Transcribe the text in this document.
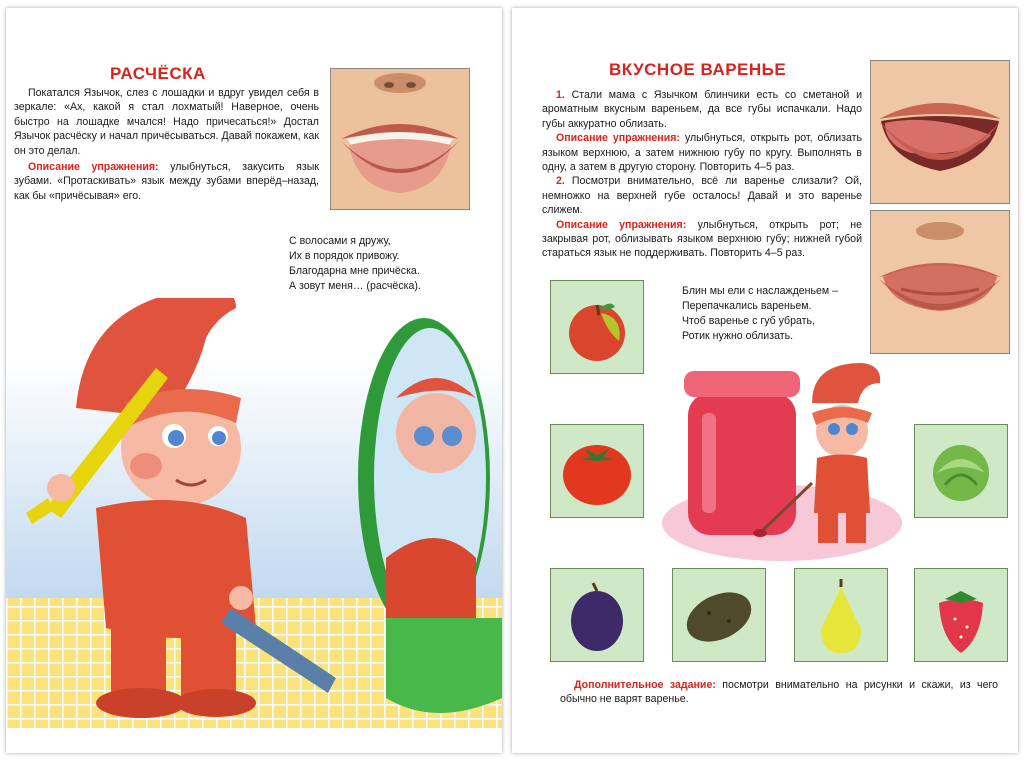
РАСЧЁСКА

Покатался Язычок, слез с лошадки и вдруг увидел себя в зеркале: «Ах, какой я стал лохматый! Наверное, очень быстро на лошадке мчался! Надо причесаться!» Достал Язычок расчёску и начал причёсываться. Давай покажем, как он это делал.

Описание упражнения: улыбнуться, закусить язык зубами. «Протаскивать» язык между зубами вперёд–назад, как бы «причёсывая» его.

С волосами я дружу,
Их в порядок привожу.
Благодарна мне причёска.
А зовут меня… (расчёска).
ВКУСНОЕ ВАРЕНЬЕ

1. Стали мама с Язычком блинчики есть со сметаной и ароматным вкусным вареньем, да все губы испачкали. Надо губы аккуратно облизать.

Описание упражнения: улыбнуться, открыть рот, облизать языком верхнюю, а затем нижнюю губу по кругу. Выполнять в одну, а затем в другую сторону. Повторить 4–5 раз.

2. Посмотри внимательно, всё ли варенье слизали? Ой, немножко на верхней губе осталось! Давай и это варенье слижем.

Описание упражнения: улыбнуться, открыть рот; не закрывая рот, облизывать языком верхнюю губу; нижней губой стараться язык не поддерживать. Повторить 4–5 раз.

Блин мы ели с наслажденьем –
Перепачкались вареньем.
Чтоб варенье с губ убрать,
Ротик нужно облизать.

Дополнительное задание: посмотри внимательно на рисунки и скажи, из чего обычно не варят варенье.
